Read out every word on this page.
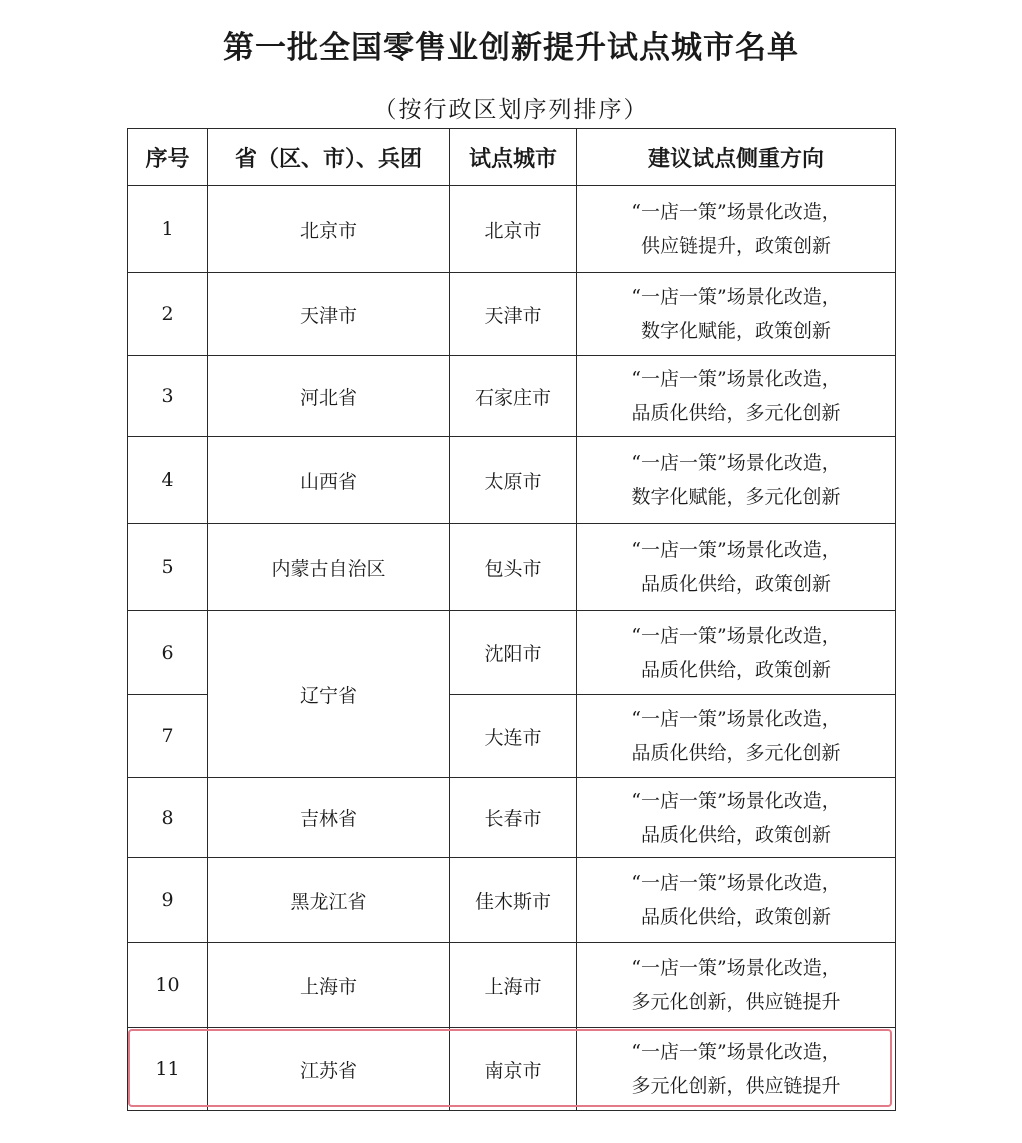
第一批全国零售业创新提升试点城市名单
（按行政区划序列排序）
序号	省（区、市）、兵团	试点城市	建议试点侧重方向
1	北京市	北京市	“一店一策”场景化改造，
供应链提升，政策创新

2	天津市	天津市	“一店一策”场景化改造，
数字化赋能，政策创新

3	河北省	石家庄市	“一店一策”场景化改造，
品质化供给，多元化创新

4	山西省	太原市	“一店一策”场景化改造，
数字化赋能，多元化创新

5	内蒙古自治区	包头市	“一店一策”场景化改造，
品质化供给，政策创新

6	辽宁省	沈阳市	“一店一策”场景化改造，
品质化供给，政策创新

7		大连市	“一店一策”场景化改造，
品质化供给，多元化创新

8	吉林省	长春市	“一店一策”场景化改造，
品质化供给，政策创新

9	黑龙江省	佳木斯市	“一店一策”场景化改造，
品质化供给，政策创新

10	上海市	上海市	“一店一策”场景化改造，
多元化创新，供应链提升

11	江苏省	南京市	“一店一策”场景化改造，
多元化创新，供应链提升
